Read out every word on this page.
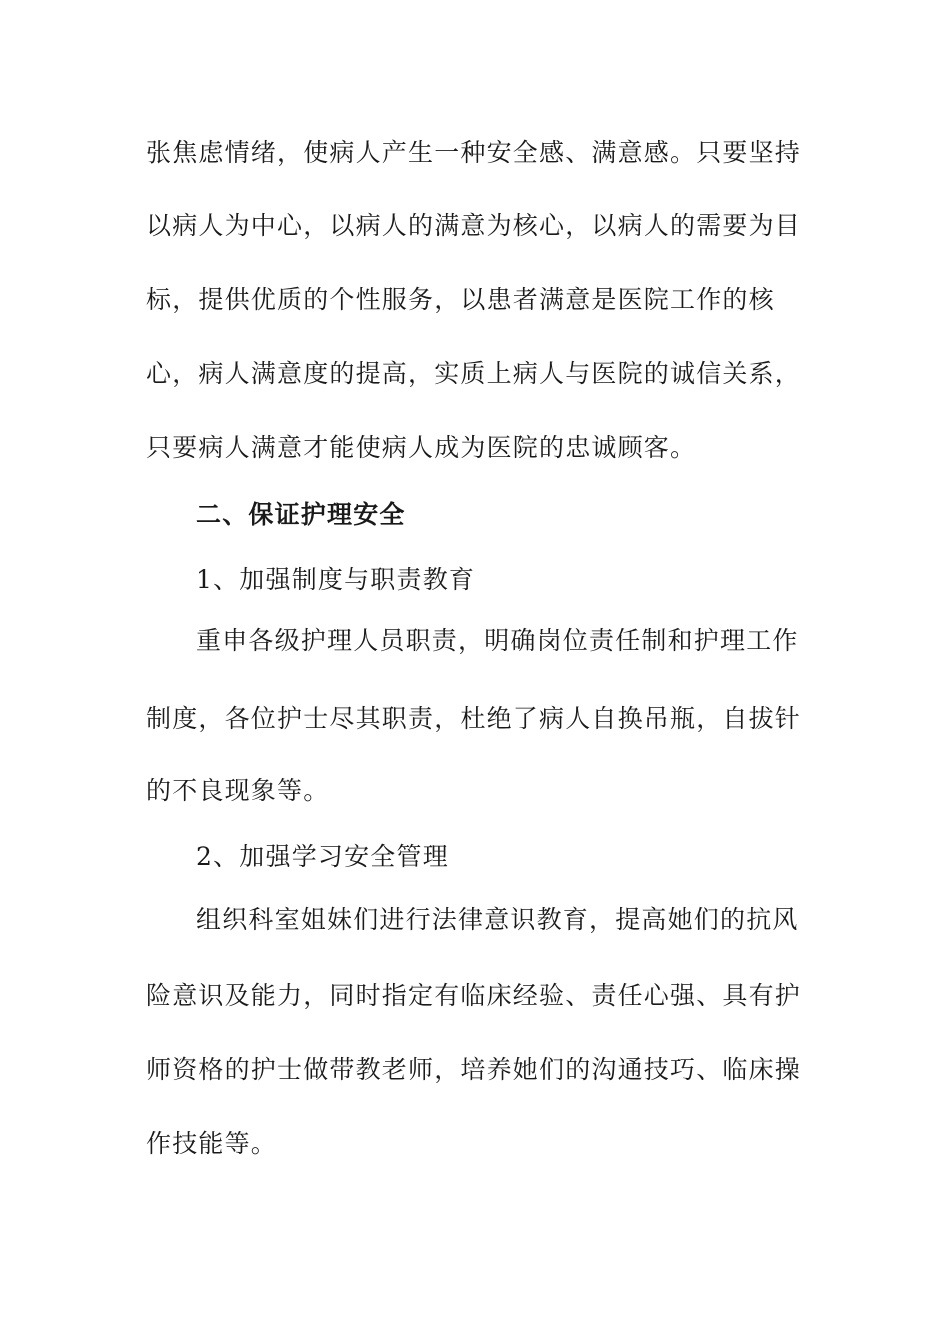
张焦虑情绪，使病人产生一种安全感、满意感。只要坚持
以病人为中心，以病人的满意为核心，以病人的需要为目
标，提供优质的个性服务，以患者满意是医院工作的核
心，病人满意度的提高，实质上病人与医院的诚信关系，
只要病人满意才能使病人成为医院的忠诚顾客。
二、保证护理安全
1、加强制度与职责教育
重申各级护理人员职责，明确岗位责任制和护理工作
制度，各位护士尽其职责，杜绝了病人自换吊瓶，自拔针
的不良现象等。
2、加强学习安全管理
组织科室姐妹们进行法律意识教育，提高她们的抗风
险意识及能力，同时指定有临床经验、责任心强、具有护
师资格的护士做带教老师，培养她们的沟通技巧、临床操
作技能等。
